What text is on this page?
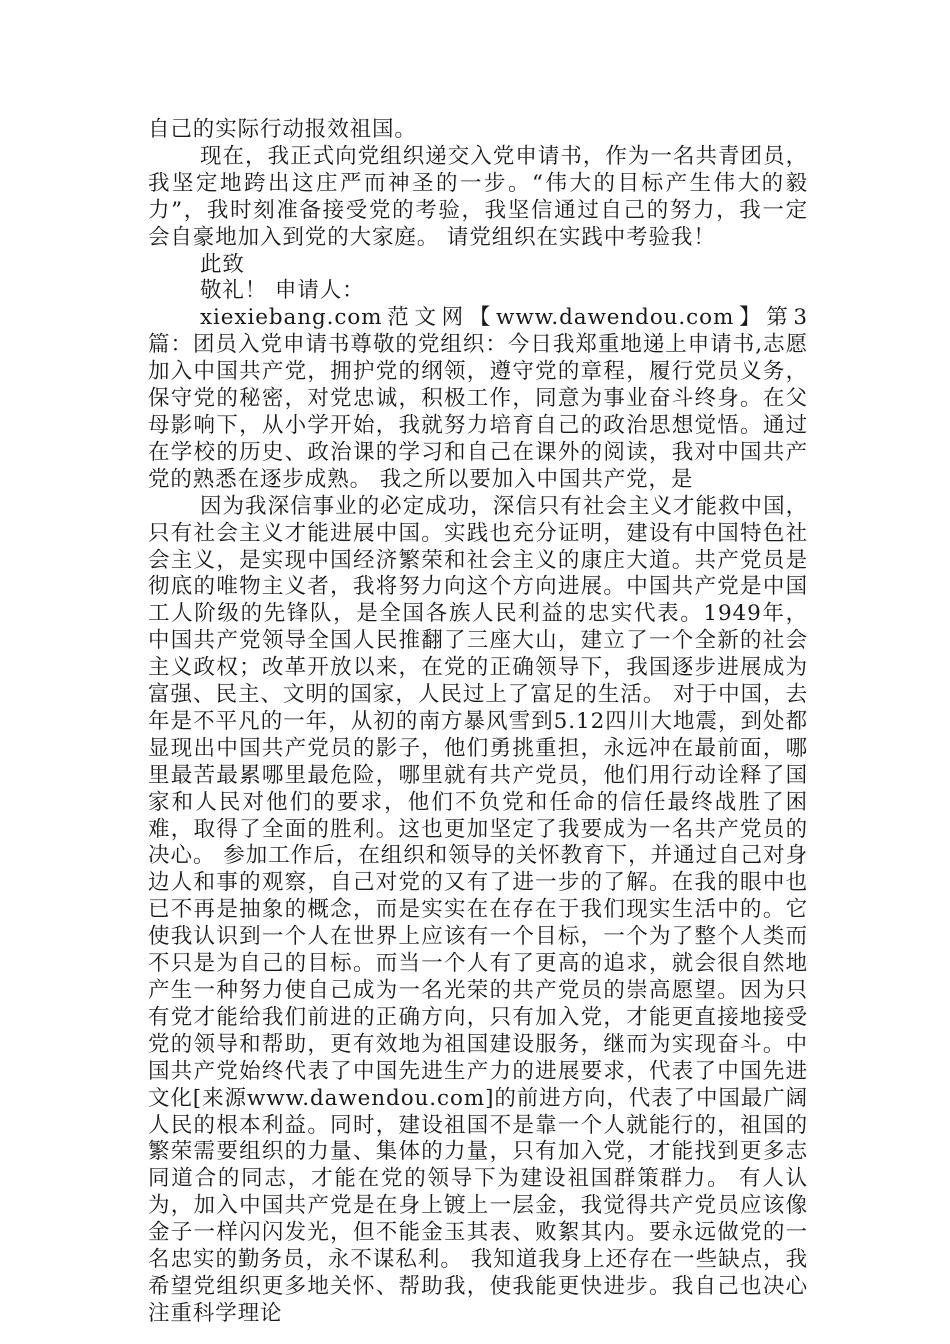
自己的实际行动报效祖国。

现在，我正式向党组织递交入党申请书，作为一名共青团员，我坚定地跨出这庄严而神圣的一步。“伟大的目标产生伟大的毅力”，我时刻准备接受党的考验，我坚信通过自己的努力，我一定会自豪地加入到党的大家庭。 请党组织在实践中考验我！

此致

敬礼！ 申请人：

xiexiebang.com范文网【www.dawendou.com】第3篇：团员入党申请书尊敬的党组织：今日我郑重地递上申请书,志愿加入中国共产党，拥护党的纲领，遵守党的章程，履行党员义务，保守党的秘密，对党忠诚，积极工作，同意为事业奋斗终身。在父母影响下，从小学开始，我就努力培育自己的政治思想觉悟。通过在学校的历史、政治课的学习和自己在课外的阅读，我对中国共产党的熟悉在逐步成熟。 我之所以要加入中国共产党，是

因为我深信事业的必定成功，深信只有社会主义才能救中国，只有社会主义才能进展中国。实践也充分证明，建设有中国特色社会主义，是实现中国经济繁荣和社会主义的康庄大道。共产党员是彻底的唯物主义者，我将努力向这个方向进展。中国共产党是中国工人阶级的先锋队，是全国各族人民利益的忠实代表。1949年，中国共产党领导全国人民推翻了三座大山，建立了一个全新的社会主义政权；改革开放以来，在党的正确领导下，我国逐步进展成为富强、民主、文明的国家，人民过上了富足的生活。 对于中国，去年是不平凡的一年，从初的南方暴风雪到5.12四川大地震，到处都显现出中国共产党员的影子，他们勇挑重担，永远冲在最前面，哪里最苦最累哪里最危险，哪里就有共产党员，他们用行动诠释了国家和人民对他们的要求，他们不负党和任命的信任最终战胜了困难，取得了全面的胜利。这也更加坚定了我要成为一名共产党员的决心。 参加工作后，在组织和领导的关怀教育下，并通过自己对身边人和事的观察，自己对党的又有了进一步的了解。在我的眼中也已不再是抽象的概念，而是实实在在存在于我们现实生活中的。它使我认识到一个人在世界上应该有一个目标，一个为了整个人类而不只是为自己的目标。而当一个人有了更高的追求，就会很自然地产生一种努力使自己成为一名光荣的共产党员的崇高愿望。因为只有党才能给我们前进的正确方向，只有加入党，才能更直接地接受党的领导和帮助，更有效地为祖国建设服务，继而为实现奋斗。中国共产党始终代表了中国先进生产力的进展要求，代表了中国先进文化[来源www.dawendou.com]的前进方向，代表了中国最广阔人民的根本利益。同时，建设祖国不是靠一个人就能行的，祖国的繁荣需要组织的力量、集体的力量，只有加入党，才能找到更多志同道合的同志，才能在党的领导下为建设祖国群策群力。 有人认为，加入中国共产党是在身上镀上一层金，我觉得共产党员应该像金子一样闪闪发光，但不能金玉其表、败絮其内。要永远做党的一名忠实的勤务员，永不谋私利。 我知道我身上还存在一些缺点，我希望党组织更多地关怀、帮助我，使我能更快进步。我自己也决心注重科学理论
